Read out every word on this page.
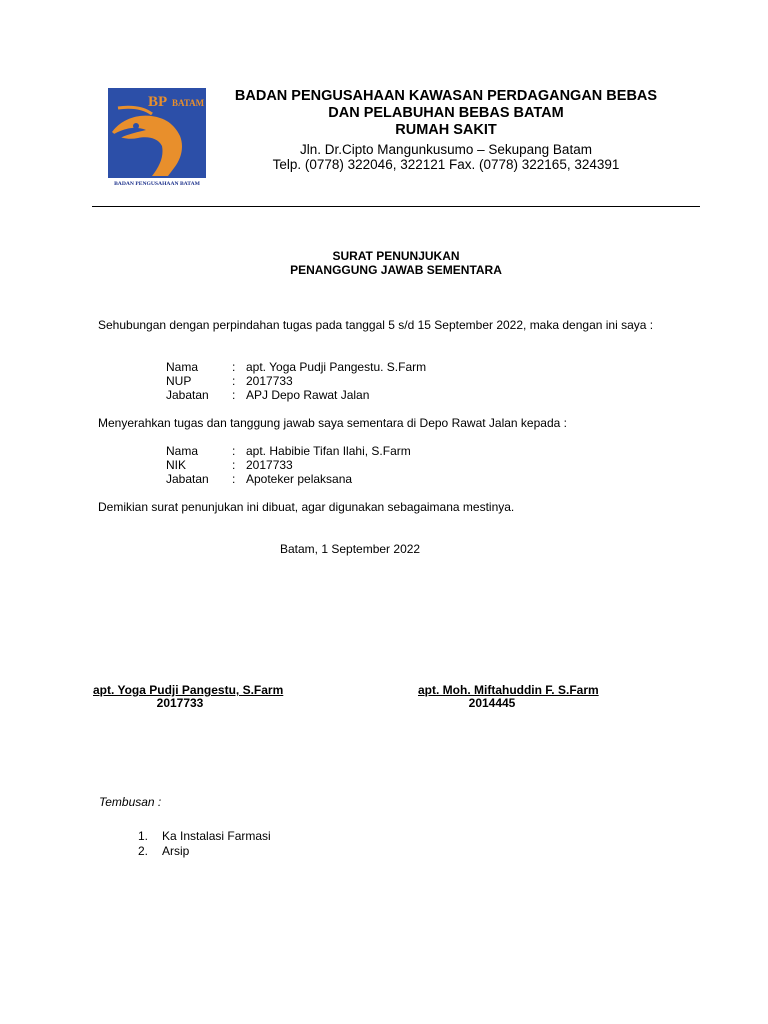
BP BATAM
BADAN PENGUSAHAAN BATAM
BADAN PENGUSAHAAN KAWASAN PERDAGANGAN BEBAS
DAN PELABUHAN BEBAS BATAM
RUMAH SAKIT
Jln. Dr.Cipto Mangunkusumo – Sekupang Batam
Telp. (0778) 322046, 322121 Fax. (0778) 322165, 324391
SURAT PENUNJUKAN
PENANGGUNG JAWAB SEMENTARA
Sehubungan dengan perpindahan tugas pada tanggal 5 s/d 15 September 2022, maka dengan ini saya :
Nama	: apt. Yoga Pudji Pangestu. S.Farm
NUP	: 2017733
Jabatan : APJ Depo Rawat Jalan
Menyerahkan tugas dan tanggung jawab saya sementara di Depo Rawat Jalan kepada :
Nama	: apt. Habibie Tifan Ilahi, S.Farm
NIK	: 2017733
Jabatan : Apoteker pelaksana
Demikian surat penunjukan ini dibuat, agar digunakan sebagaimana mestinya.
Batam, 1 September 2022
apt. Yoga Pudji Pangestu, S.Farm
2017733
apt. Moh. Miftahuddin F. S.Farm
2014445
Tembusan :
1. Ka Instalasi Farmasi
2. Arsip
